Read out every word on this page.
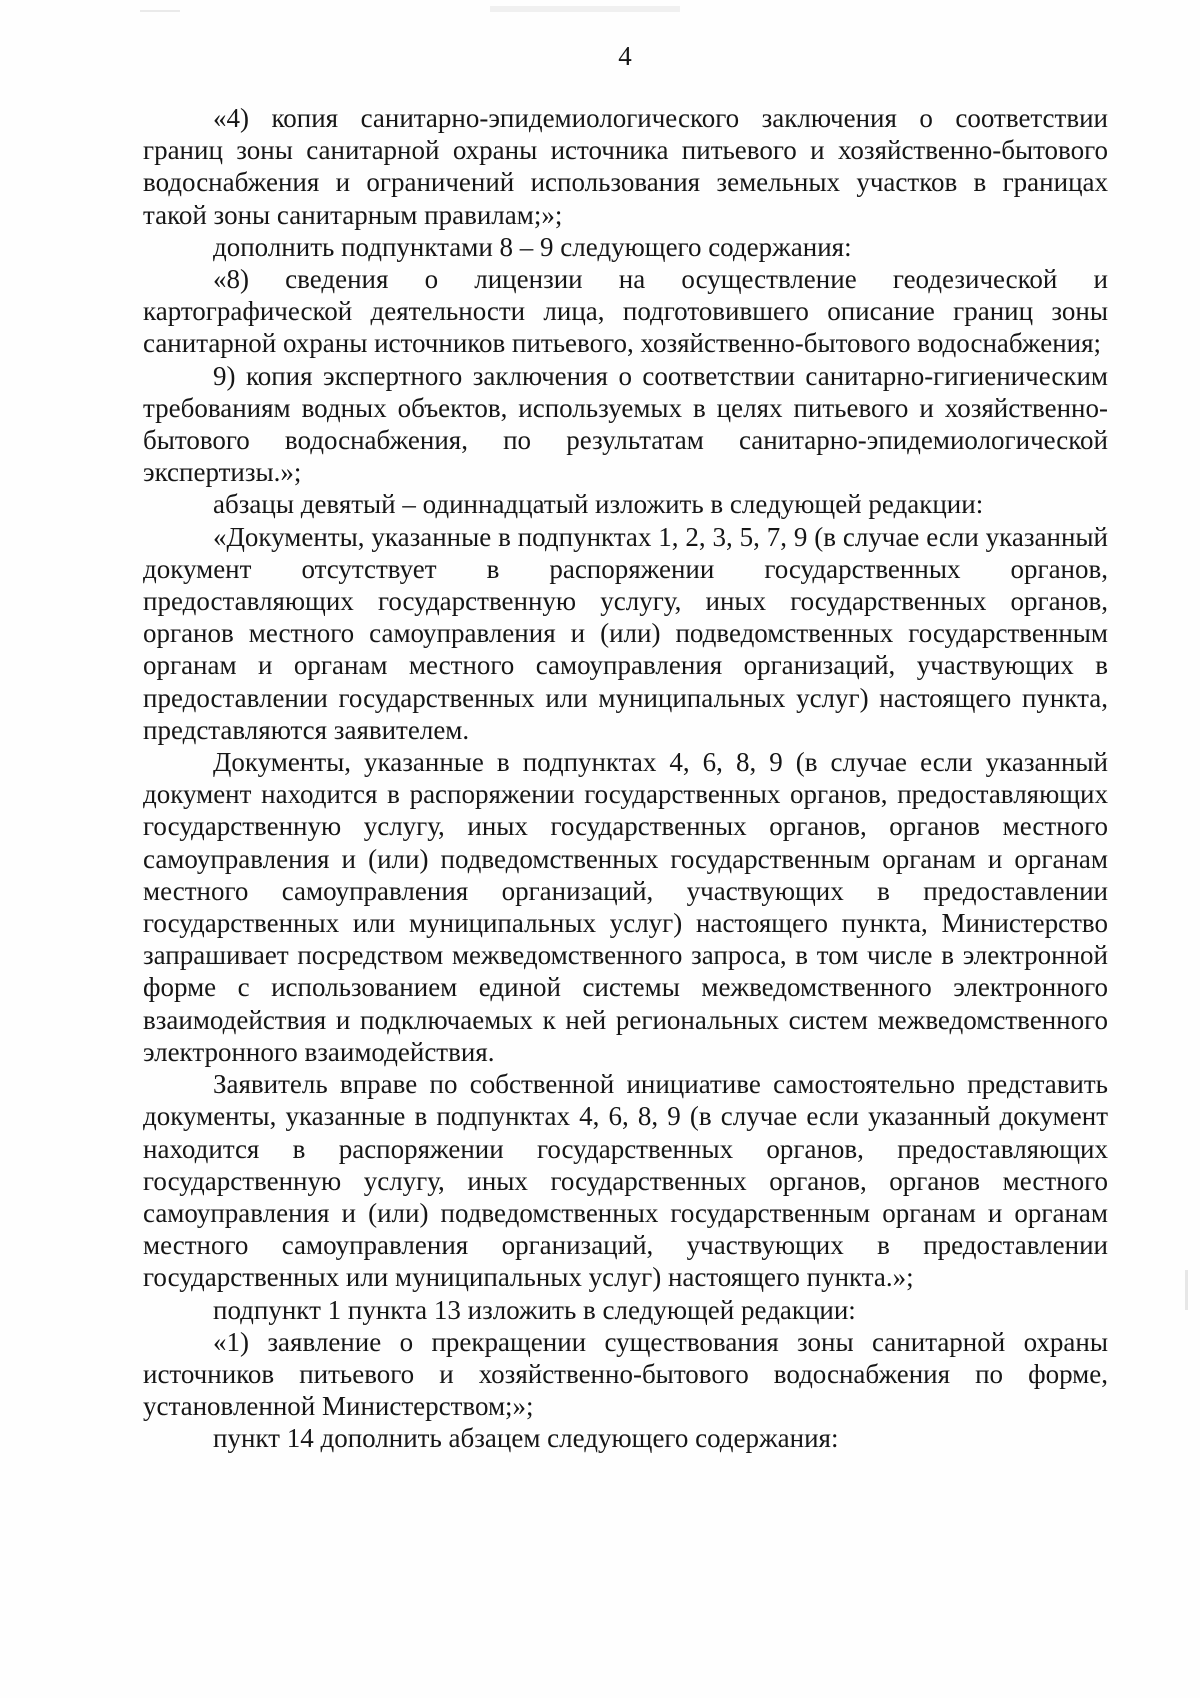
4

«4) копия санитарно-эпидемиологического заключения о соответствии границ зоны санитарной охраны источника питьевого и хозяйственно-бытового водоснабжения и ограничений использования земельных участков в границах такой зоны санитарным правилам;»;

дополнить подпунктами 8 – 9 следующего содержания:

«8) сведения о лицензии на осуществление геодезической и картографической деятельности лица, подготовившего описание границ зоны санитарной охраны источников питьевого, хозяйственно-бытового водоснабжения;

9) копия экспертного заключения о соответствии санитарно-гигиеническим требованиям водных объектов, используемых в целях питьевого и хозяйственно-бытового водоснабжения, по результатам санитарно-эпидемиологической экспертизы.»;

абзацы девятый – одиннадцатый изложить в следующей редакции:

«Документы, указанные в подпунктах 1, 2, 3, 5, 7, 9 (в случае если указанный документ отсутствует в распоряжении государственных органов, предоставляющих государственную услугу, иных государственных органов, органов местного самоуправления и (или) подведомственных государственным органам и органам местного самоуправления организаций, участвующих в предоставлении государственных или муниципальных услуг) настоящего пункта, представляются заявителем.

Документы, указанные в подпунктах 4, 6, 8, 9 (в случае если указанный документ находится в распоряжении государственных органов, предоставляющих государственную услугу, иных государственных органов, органов местного самоуправления и (или) подведомственных государственным органам и органам местного самоуправления организаций, участвующих в предоставлении государственных или муниципальных услуг) настоящего пункта, Министерство запрашивает посредством межведомственного запроса, в том числе в электронной форме с использованием единой системы межведомственного электронного взаимодействия и подключаемых к ней региональных систем межведомственного электронного взаимодействия.

Заявитель вправе по собственной инициативе самостоятельно представить документы, указанные в подпунктах 4, 6, 8, 9 (в случае если указанный документ находится в распоряжении государственных органов, предоставляющих государственную услугу, иных государственных органов, органов местного самоуправления и (или) подведомственных государственным органам и органам местного самоуправления организаций, участвующих в предоставлении государственных или муниципальных услуг) настоящего пункта.»;

подпункт 1 пункта 13 изложить в следующей редакции:

«1) заявление о прекращении существования зоны санитарной охраны источников питьевого и хозяйственно-бытового водоснабжения по форме, установленной Министерством;»;

пункт 14 дополнить абзацем следующего содержания:
